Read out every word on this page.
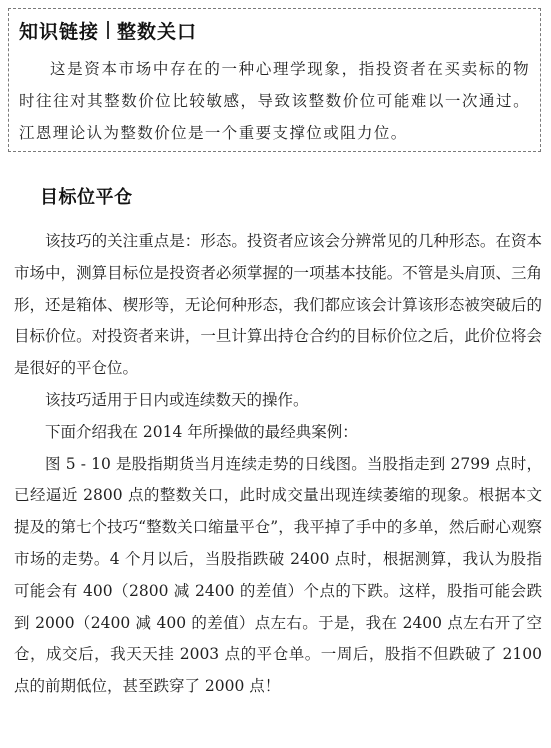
知识链接 整数关口
这是资本市场中存在的一种心理学现象，指投资者在买卖标的物时往往对其整数价位比较敏感，导致该整数价位可能难以一次通过。江恩理论认为整数价位是一个重要支撑位或阻力位。
目标位平仓

该技巧的关注重点是：形态。投资者应该会分辨常见的几种形态。在资本市场中，测算目标位是投资者必须掌握的一项基本技能。不管是头肩顶、三角形，还是箱体、楔形等，无论何种形态，我们都应该会计算该形态被突破后的目标价位。对投资者来讲，一旦计算出持仓合约的目标价位之后，此价位将会是很好的平仓位。

该技巧适用于日内或连续数天的操作。

下面介绍我在 2014 年所操做的最经典案例：

图 5 - 10 是股指期货当月连续走势的日线图。当股指走到 2799 点时，已经逼近 2800 点的整数关口，此时成交量出现连续萎缩的现象。根据本文提及的第七个技巧“整数关口缩量平仓”，我平掉了手中的多单，然后耐心观察市场的走势。4 个月以后，当股指跌破 2400 点时，根据测算，我认为股指可能会有 400（2800 减 2400 的差值）个点的下跌。这样，股指可能会跌到 2000（2400 减 400 的差值）点左右。于是，我在 2400 点左右开了空仓，成交后，我天天挂 2003 点的平仓单。一周后，股指不但跌破了 2100 点的前期低位，甚至跌穿了 2000 点！
